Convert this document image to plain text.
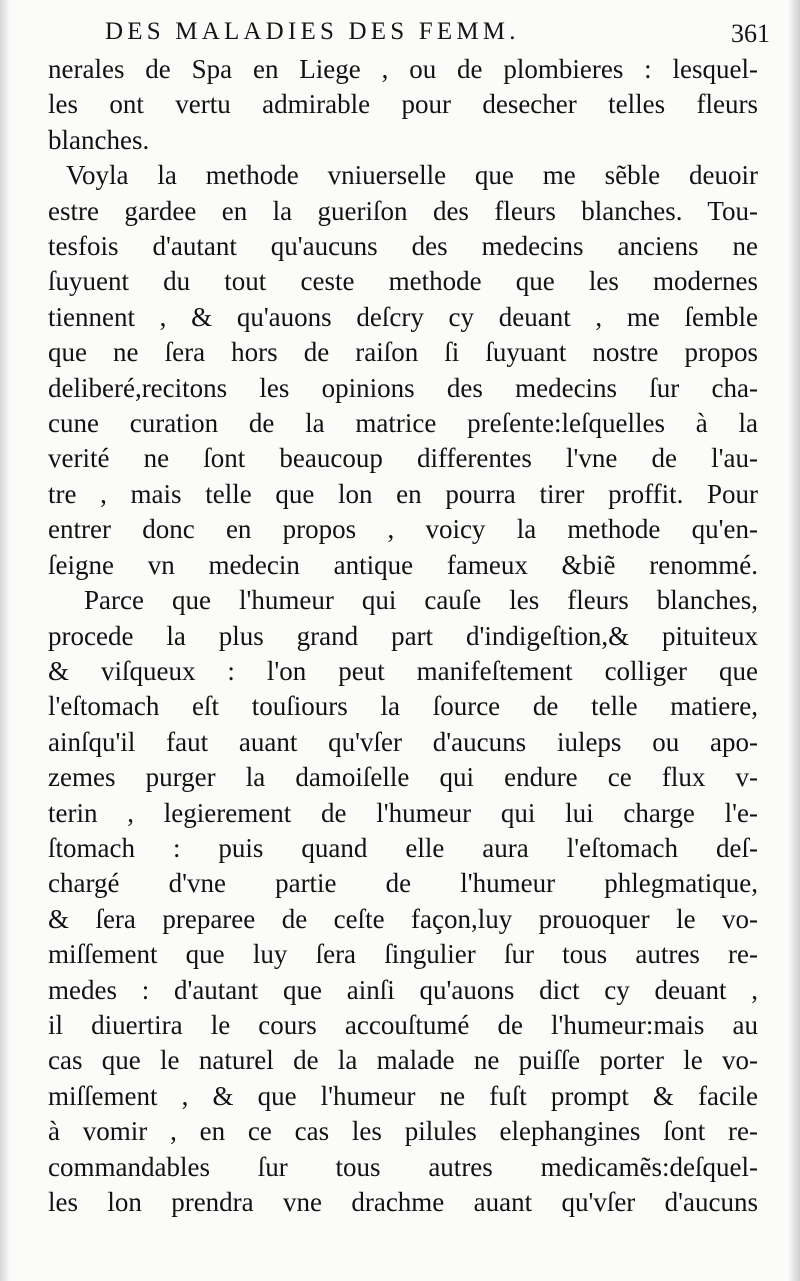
DES MALADIES DES FEMM.	361
nerales de Spa en Liege , ou de plombieres : lesquel-
les ont vertu admirable pour desecher telles fleurs
blanches.
Voyla la methode vniuerselle que me sẽble deuoir
estre gardee en la gueriſon des fleurs blanches. Tou-
tesfois d'autant qu'aucuns des medecins anciens ne
ſuyuent du tout ceste methode que les modernes
tiennent , & qu'auons deſcry cy deuant , me ſemble
que ne ſera hors de raiſon ſi ſuyuant nostre propos
deliberé,recitons les opinions des medecins ſur cha-
cune curation de la matrice preſente:leſquelles à la
verité ne ſont beaucoup differentes l'vne de l'au-
tre , mais telle que lon en pourra tirer proffit. Pour
entrer donc en propos , voicy la methode qu'en-
ſeigne vn medecin antique fameux &biẽ renommé.
Parce que l'humeur qui cauſe les fleurs blanches,
procede la plus grand part d'indigeſtion,& pituiteux
& viſqueux : l'on peut manifeſtement colliger que
l'eſtomach eſt touſiours la ſource de telle matiere,
ainſqu'il faut auant qu'vſer d'aucuns iuleps ou apo-
zemes purger la damoiſelle qui endure ce flux v-
terin , legierement de l'humeur qui lui charge l'e-
ſtomach : puis quand elle aura l'eſtomach deſ-
chargé d'vne partie de l'humeur phlegmatique,
& ſera preparee de ceſte façon,luy prouoquer le vo-
miſſement que luy ſera ſingulier ſur tous autres re-
medes : d'autant que ainſi qu'auons dict cy deuant ,
il diuertira le cours accouſtumé de l'humeur:mais au
cas que le naturel de la malade ne puiſſe porter le vo-
miſſement , & que l'humeur ne fuſt prompt & facile
à vomir , en ce cas les pilules elephangines ſont re-
commandables ſur tous autres medicamẽs:deſquel-
les lon prendra vne drachme auant qu'vſer d'aucuns
